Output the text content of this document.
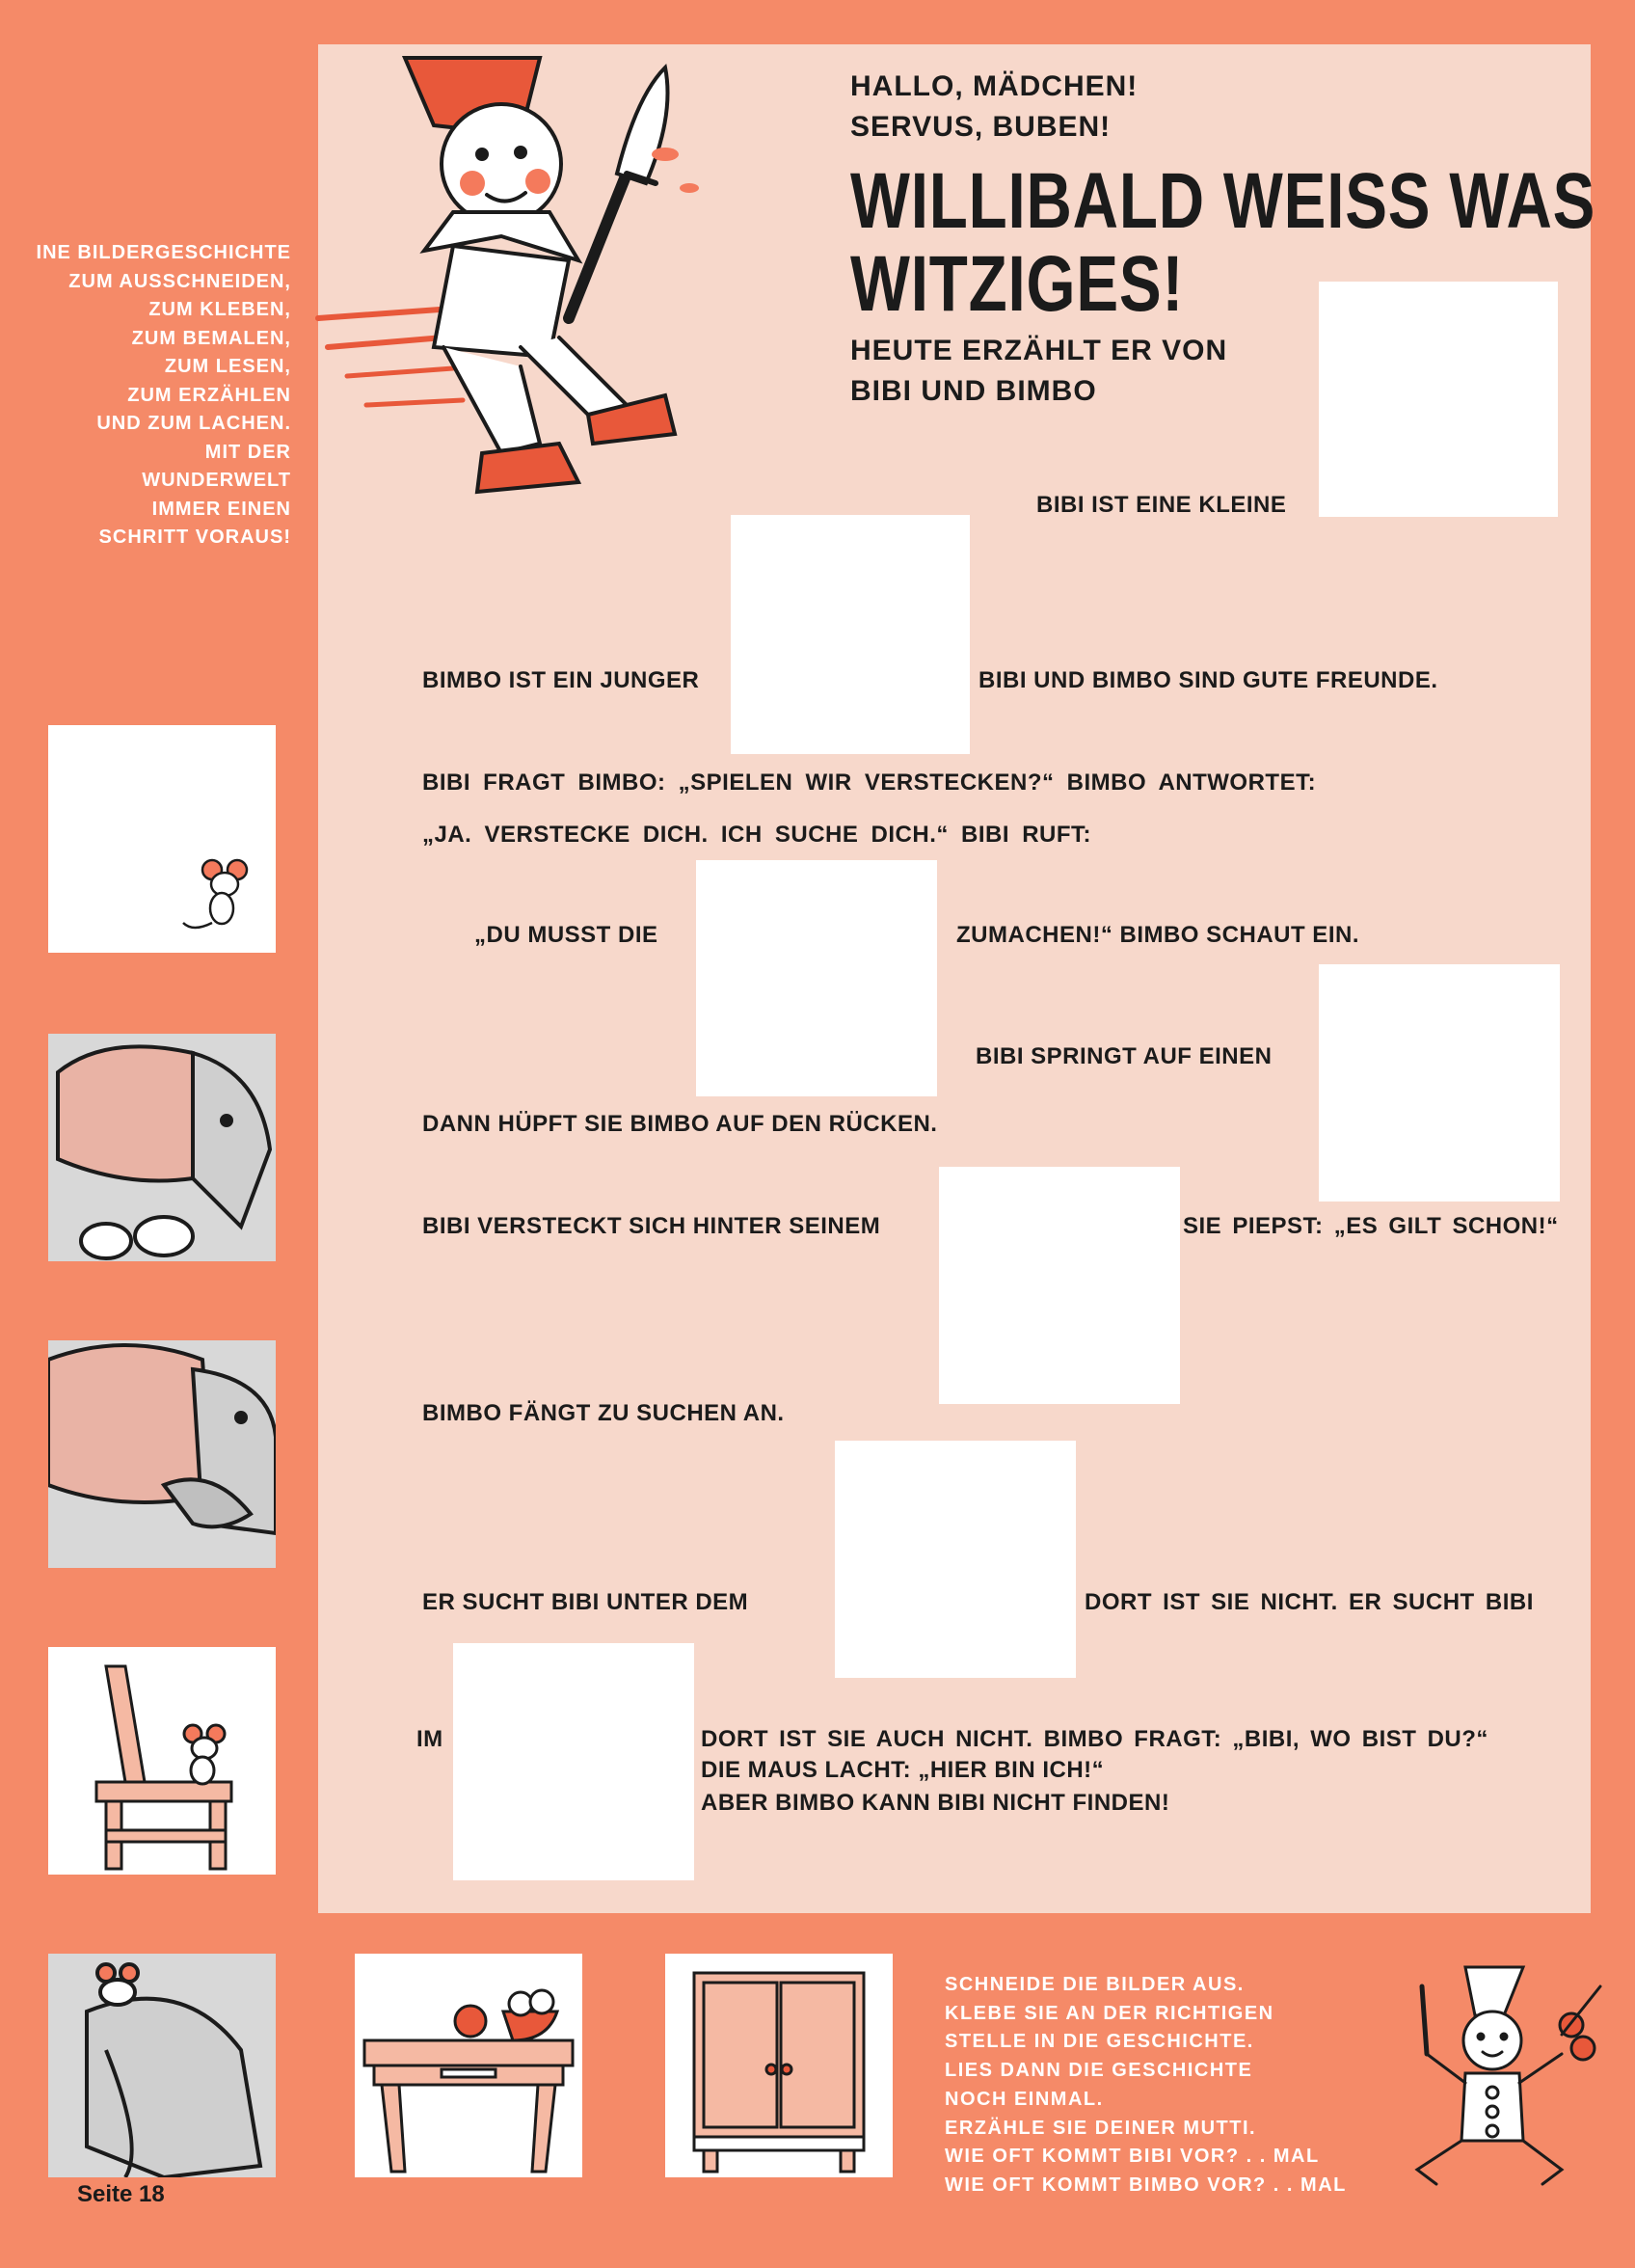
HALLO, MÄDCHEN!
SERVUS, BUBEN!
WILLIBALD WEISS WAS
WITZIGES!
HEUTE ERZÄHLT ER VON
BIBI UND BIMBO
INE BILDERGESCHICHTE
ZUM AUSSCHNEIDEN,
ZUM KLEBEN,
ZUM BEMALEN,
ZUM LESEN,
ZUM ERZÄHLEN
UND ZUM LACHEN.
MIT DER
WUNDERWELT
IMMER EINEN
SCHRITT VORAUS!
BIBI IST EINE KLEINE
BIMBO IST EIN JUNGER	BIBI UND BIMBO SIND GUTE FREUNDE.
BIBI FRAGT BIMBO: „SPIELEN WIR VERSTECKEN?“ BIMBO ANTWORTET:
„JA. VERSTECKE DICH. ICH SUCHE DICH.“ BIBI RUFT:
„DU MUSST DIE	ZUMACHEN!“ BIMBO SCHAUT EIN.
BIBI SPRINGT AUF EINEN
DANN HÜPFT SIE BIMBO AUF DEN RÜCKEN.
BIBI VERSTECKT SICH HINTER SEINEM	SIE PIEPST: „ES GILT SCHON!“
BIMBO FÄNGT ZU SUCHEN AN.
ER SUCHT BIBI UNTER DEM	DORT IST SIE NICHT. ER SUCHT BIBI
IM	DORT IST SIE AUCH NICHT. BIMBO FRAGT: „BIBI, WO BIST DU?“
DIE MAUS LACHT: „HIER BIN ICH!“
ABER BIMBO KANN BIBI NICHT FINDEN!
SCHNEIDE DIE BILDER AUS.
KLEBE SIE AN DER RICHTIGEN
STELLE IN DIE GESCHICHTE.
LIES DANN DIE GESCHICHTE
NOCH EINMAL.
ERZÄHLE SIE DEINER MUTTI.
WIE OFT KOMMT BIBI VOR? . . MAL
WIE OFT KOMMT BIMBO VOR? . . MAL
Seite 18
